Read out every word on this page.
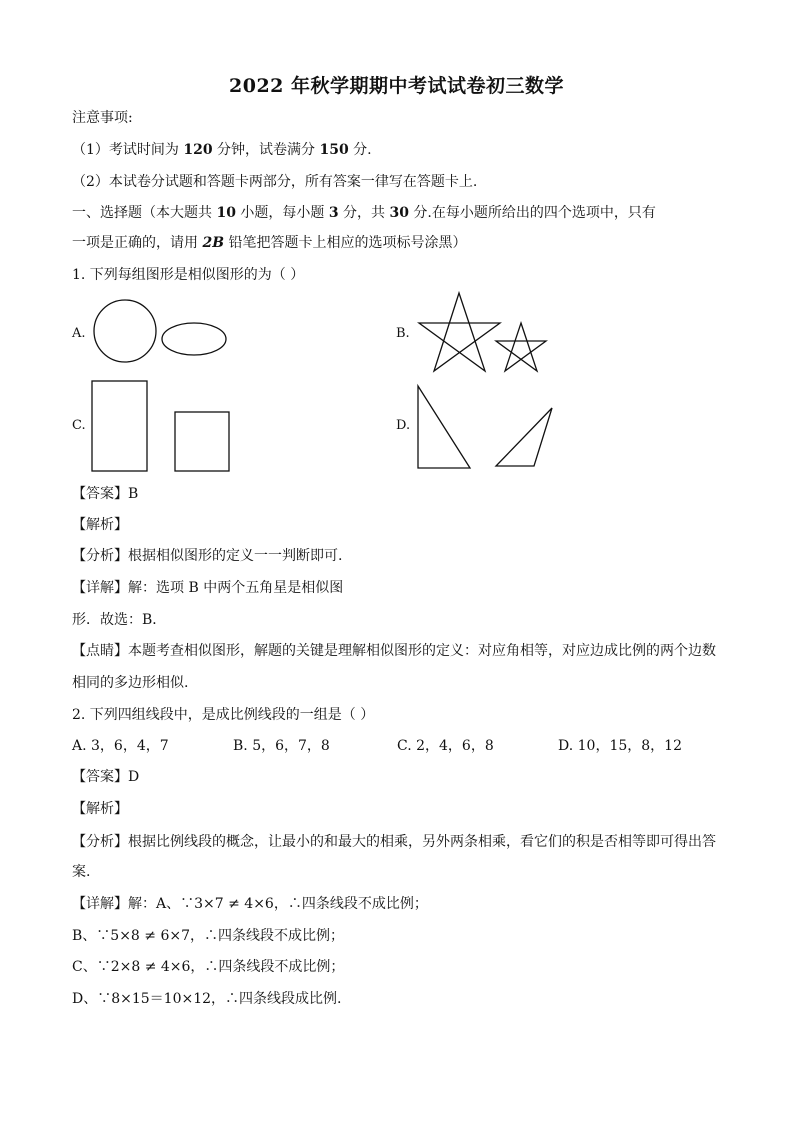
2022 年秋学期期中考试试卷初三数学
注意事项:
（1）考试时间为 120 分钟，试卷满分 150 分.
（2）本试卷分试题和答题卡两部分，所有答案一律写在答题卡上.
一、选择题（本大题共 10 小题，每小题 3 分，共 30 分.在每小题所给出的四个选项中，只有
一项是正确的，请用 2B 铅笔把答题卡上相应的选项标号涂黑）
1. 下列每组图形是相似图形的为（ ）
A.	B.
C.	D.
【答案】B
【解析】
【分析】根据相似图形的定义一一判断即可.
【详解】解：选项 B 中两个五角星是相似图
形．故选：B．
【点睛】本题考查相似图形，解题的关键是理解相似图形的定义：对应角相等，对应边成比例的两个边数
相同的多边形相似.
2. 下列四组线段中，是成比例线段的一组是（ ）
A. 3，6，4，7	B. 5，6，7，8	C. 2，4，6，8	D. 10，15，8，12
【答案】D
【解析】
【分析】根据比例线段的概念，让最小的和最大的相乘，另外两条相乘，看它们的积是否相等即可得出答
案.
【详解】解：A、∵3×7 ≠ 4×6，∴四条线段不成比例；
B、∵5×8 ≠ 6×7，∴四条线段不成比例；
C、∵2×8 ≠ 4×6，∴四条线段不成比例；
D、∵8×15＝10×12，∴四条线段成比例.
